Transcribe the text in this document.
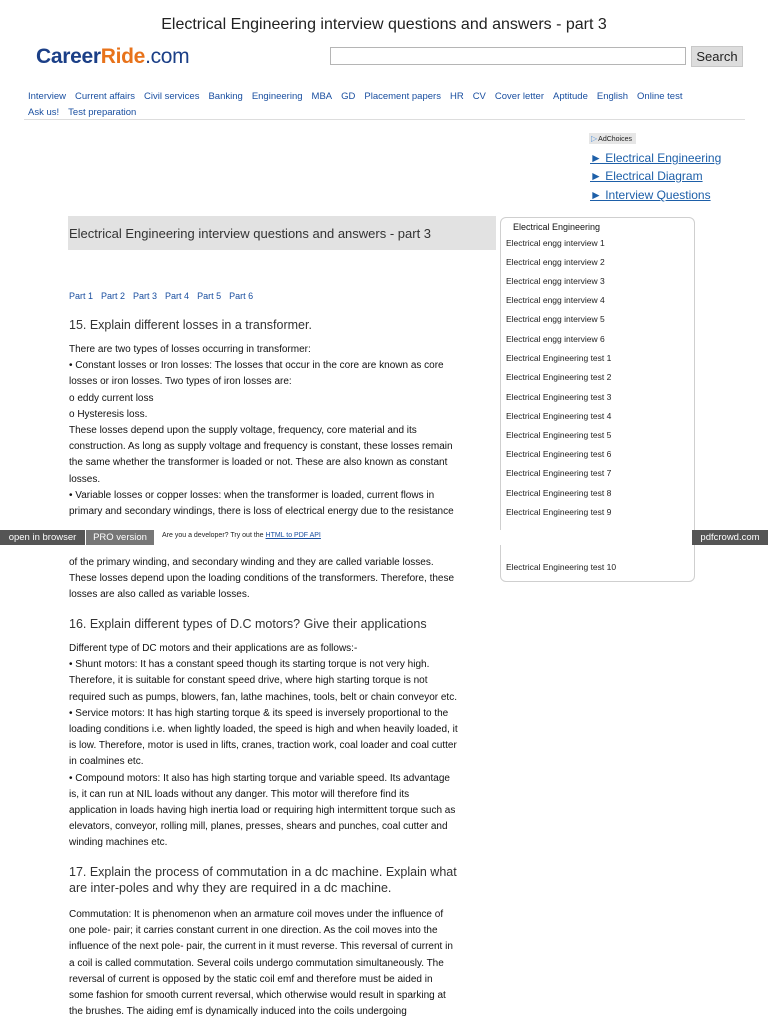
Electrical Engineering interview questions and answers - part 3
CareerRide.com	Search
Interview Current affairs Civil services Banking Engineering MBA GD Placement papers HR CV Cover letter Aptitude English Online test
Ask us! Test preparation
▷AdChoices
► Electrical Engineering
► Electrical Diagram
► Interview Questions
Electrical Engineering interview questions and answers - part 3
Part 1 Part 2 Part 3 Part 4 Part 5 Part 6
15. Explain different losses in a transformer.
There are two types of losses occurring in transformer:
• Constant losses or Iron losses: The losses that occur in the core are known as core
losses or iron losses. Two types of iron losses are:
o eddy current loss
o Hysteresis loss.
These losses depend upon the supply voltage, frequency, core material and its
construction. As long as supply voltage and frequency is constant, these losses remain
the same whether the transformer is loaded or not. These are also known as constant
losses.
• Variable losses or copper losses: when the transformer is loaded, current flows in
primary and secondary windings, there is loss of electrical energy due to the resistance
Electrical Engineering
Electrical engg interview 1
Electrical engg interview 2
Electrical engg interview 3
Electrical engg interview 4
Electrical engg interview 5
Electrical engg interview 6
Electrical Engineering test 1
Electrical Engineering test 2
Electrical Engineering test 3
Electrical Engineering test 4
Electrical Engineering test 5
Electrical Engineering test 6
Electrical Engineering test 7
Electrical Engineering test 8
Electrical Engineering test 9
Electrical Engineering test 10
open in browser	PRO version	Are you a developer? Try out the HTML to PDF API	pdfcrowd.com
of the primary winding, and secondary winding and they are called variable losses.
These losses depend upon the loading conditions of the transformers. Therefore, these
losses are also called as variable losses.
16. Explain different types of D.C motors? Give their applications
Different type of DC motors and their applications are as follows:-
• Shunt motors: It has a constant speed though its starting torque is not very high.
Therefore, it is suitable for constant speed drive, where high starting torque is not
required such as pumps, blowers, fan, lathe machines, tools, belt or chain conveyor etc.
• Service motors: It has high starting torque & its speed is inversely proportional to the
loading conditions i.e. when lightly loaded, the speed is high and when heavily loaded, it
is low. Therefore, motor is used in lifts, cranes, traction work, coal loader and coal cutter
in coalmines etc.
• Compound motors: It also has high starting torque and variable speed. Its advantage
is, it can run at NIL loads without any danger. This motor will therefore find its
application in loads having high inertia load or requiring high intermittent torque such as
elevators, conveyor, rolling mill, planes, presses, shears and punches, coal cutter and
winding machines etc.
17. Explain the process of commutation in a dc machine. Explain what
are inter-poles and why they are required in a dc machine.
Commutation: It is phenomenon when an armature coil moves under the influence of
one pole- pair; it carries constant current in one direction. As the coil moves into the
influence of the next pole- pair, the current in it must reverse. This reversal of current in
a coil is called commutation. Several coils undergo commutation simultaneously. The
reversal of current is opposed by the static coil emf and therefore must be aided in
some fashion for smooth current reversal, which otherwise would result in sparking at
the brushes. The aiding emf is dynamically induced into the coils undergoing
